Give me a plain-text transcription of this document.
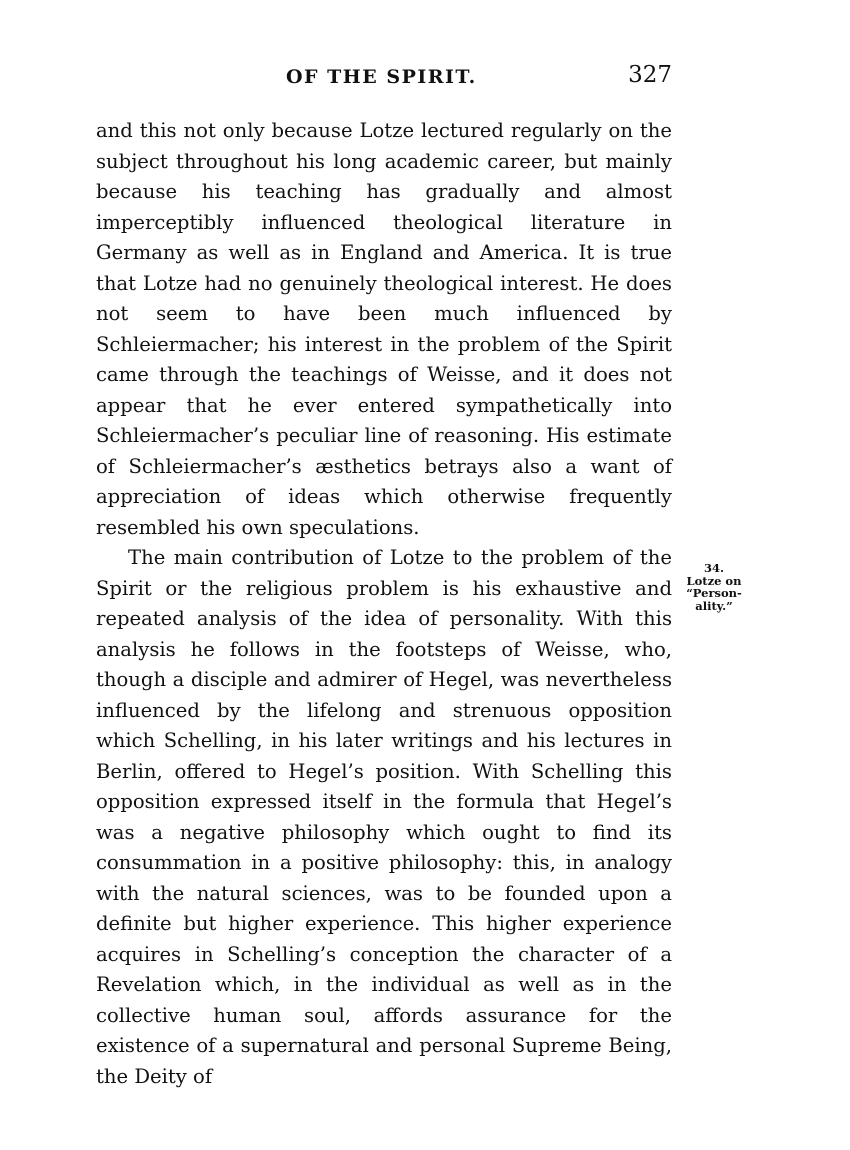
OF THE SPIRIT.	327

and this not only because Lotze lectured regularly on the subject throughout his long academic career, but mainly because his teaching has gradually and almost imperceptibly influenced theological literature in Germany as well as in England and America. It is true that Lotze had no genuinely theological interest. He does not seem to have been much influenced by Schleiermacher; his interest in the problem of the Spirit came through the teachings of Weisse, and it does not appear that he ever entered sympathetically into Schleiermacher’s peculiar line of reasoning. His estimate of Schleiermacher’s æsthetics betrays also a want of appreciation of ideas which otherwise frequently resembled his own speculations.

The main contribution of Lotze to the problem of the Spirit or the religious problem is his exhaustive and repeated analysis of the idea of personality. With this analysis he follows in the footsteps of Weisse, who, though a disciple and admirer of Hegel, was nevertheless influenced by the lifelong and strenuous opposition which Schelling, in his later writings and his lectures in Berlin, offered to Hegel’s position. With Schelling this opposition expressed itself in the formula that Hegel’s was a negative philosophy which ought to find its consummation in a positive philosophy: this, in analogy with the natural sciences, was to be founded upon a definite but higher experience. This higher experience acquires in Schelling’s conception the character of a Revelation which, in the individual as well as in the collective human soul, affords assurance for the existence of a supernatural and personal Supreme Being, the Deity of

34.
Lotze on
“Person-
ality.”
